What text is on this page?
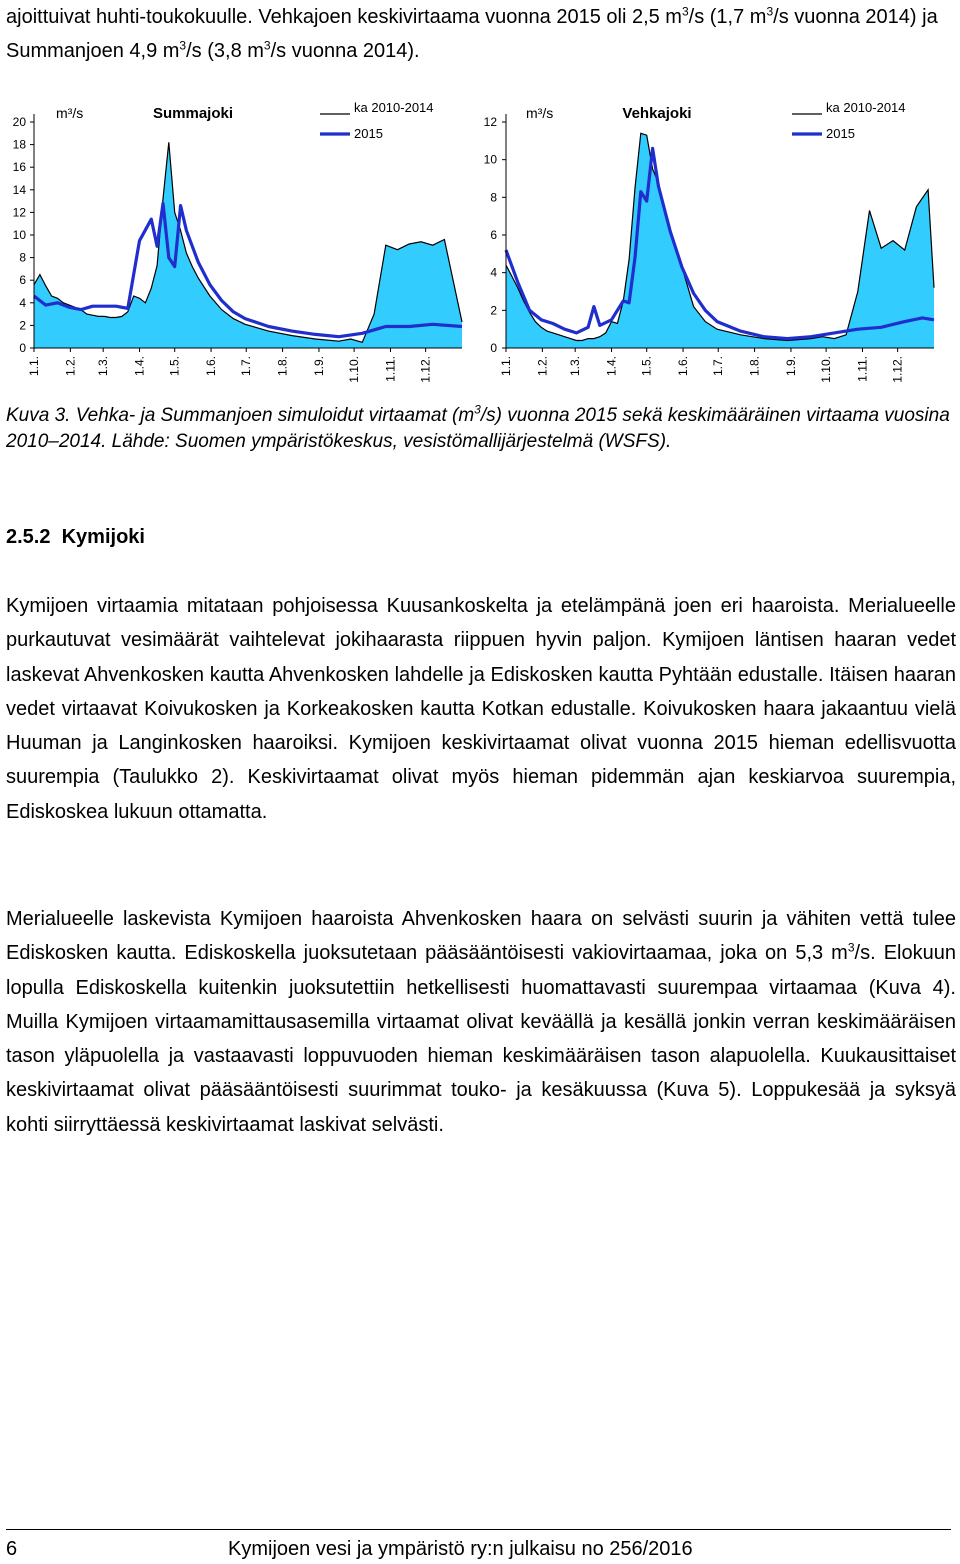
ajoittuivat huhti-toukokuulle. Vehkajoen keskivirtaama vuonna 2015 oli 2,5 $m^3/s$ (1,7 $m^3/s$ vuonna 2014) ja Summanjoen 4,9 $m^3/s$ (3,8 $m^3/s$ vuonna 2014).
0
2
4
6
8
10
12
14
16
18
20
1.1. 1.2. 1.3. 1.4. 1.5. 1.6. 1.7. 1.8. 1.9. 1.10. 1.11. 1.12.
m³/s	Summajoki	ka 2010-2014
2015
0
2
4
6
8
10
12
1.1. 1.2. 1.3. 1.4. 1.5. 1.6. 1.7. 1.8. 1.9. 1.10. 1.11. 1.12.
m³/s	Vehkajoki	ka 2010-2014
2015
Kuva 3. Vehka- ja Summanjoen simuloidut virtaamat $(m^3/s)$ vuonna 2015 sekä keskimääräinen virtaama vuosina 2010–2014. Lähde: Suomen ympäristökeskus, vesistömallijärjestelmä (WSFS).
2.5.2 Kymijoki

Kymijoen virtaamia mitataan pohjoisessa Kuusankoskelta ja etelämpänä joen eri haaroista. Merialueelle purkautuvat vesimäärät vaihtelevat jokihaarasta riippuen hyvin paljon. Kymijoen läntisen haaran vedet laskevat Ahvenkosken kautta Ahvenkosken lahdelle ja Ediskosken kautta Pyhtään edustalle. Itäisen haaran vedet virtaavat Koivukosken ja Korkeakosken kautta Kotkan edustalle. Koivukosken haara jakaantuu vielä Huuman ja Langinkosken haaroiksi. Kymijoen keskivirtaamat olivat vuonna 2015 hieman edellisvuotta suurempia (Taulukko 2). Keskivirtaamat olivat myös hieman pidemmän ajan keskiarvoa suurempia, Ediskoskea lukuun ottamatta.

Merialueelle laskevista Kymijoen haaroista Ahvenkosken haara on selvästi suurin ja vähiten vettä tulee Ediskosken kautta. Ediskoskella juoksutetaan pääsääntöisesti vakiovirtaamaa, joka on 5,3 $m^3/s$. Elokuun lopulla Ediskoskella kuitenkin juoksutettiin hetkellisesti huomattavasti suurempaa virtaamaa (Kuva 4). Muilla Kymijoen virtaamamittausasemilla virtaamat olivat keväällä ja kesällä jonkin verran keskimääräisen tason yläpuolella ja vastaavasti loppuvuoden hieman keskimääräisen tason alapuolella. Kuukausittaiset keskivirtaamat olivat pääsääntöisesti suurimmat touko- ja kesäkuussa (Kuva 5). Loppukesää ja syksyä kohti siirryttäessä keskivirtaamat laskivat selvästi.

6	Kymijoen vesi ja ympäristö ry:n julkaisu no 256/2016
